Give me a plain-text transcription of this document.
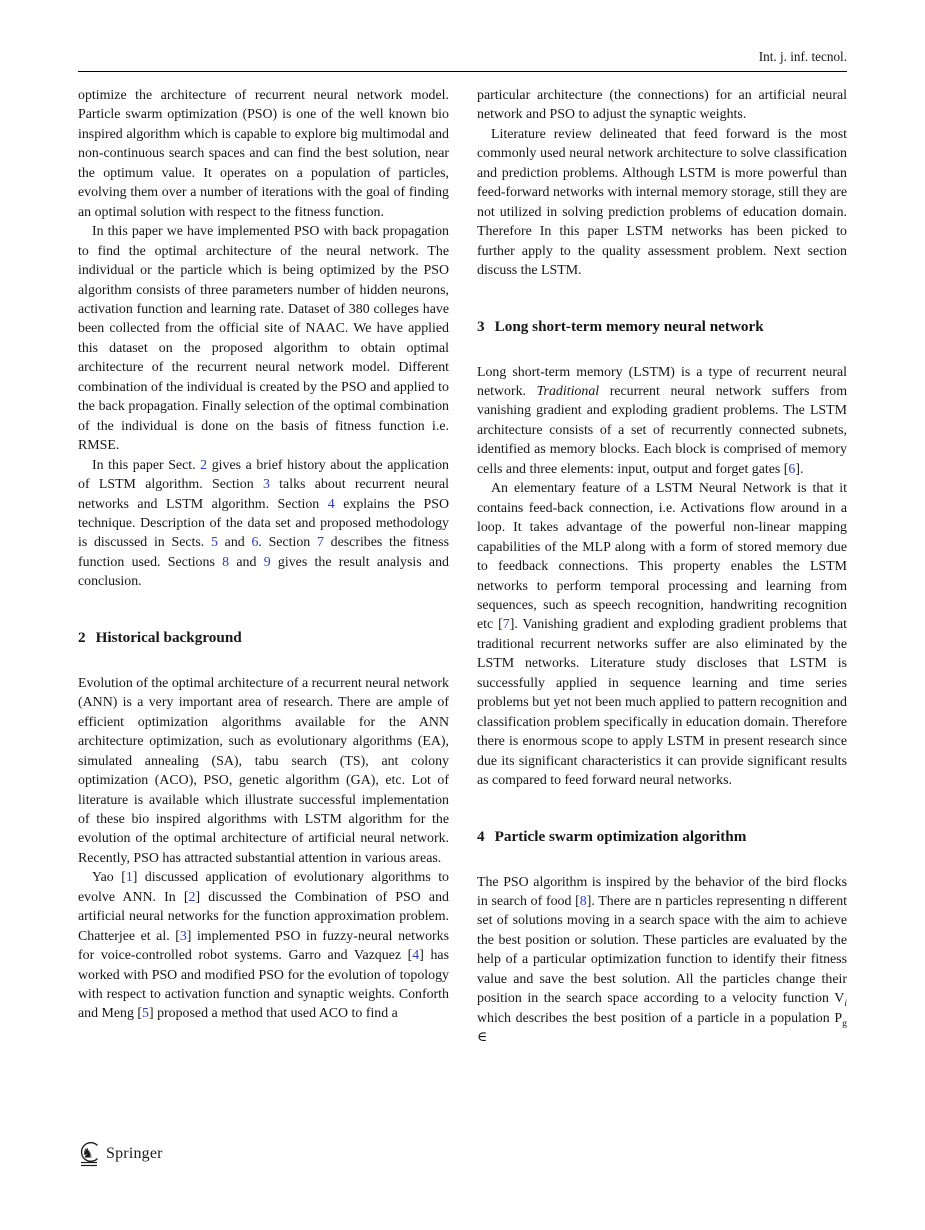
Int. j. inf. tecnol.

optimize the architecture of recurrent neural network model. Particle swarm optimization (PSO) is one of the well known bio inspired algorithm which is capable to explore big multimodal and non-continuous search spaces and can find the best solution, near the optimum value. It operates on a population of particles, evolving them over a number of iterations with the goal of finding an optimal solution with respect to the fitness function.

In this paper we have implemented PSO with back propagation to find the optimal architecture of the neural network. The individual or the particle which is being optimized by the PSO algorithm consists of three parameters number of hidden neurons, activation function and learning rate. Dataset of 380 colleges have been collected from the official site of NAAC. We have applied this dataset on the proposed algorithm to obtain optimal architecture of the recurrent neural network model. Different combination of the individual is created by the PSO and applied to the back propagation. Finally selection of the optimal combination of the individual is done on the basis of fitness function i.e. RMSE.

In this paper Sect. 2 gives a brief history about the application of LSTM algorithm. Section 3 talks about recurrent neural networks and LSTM algorithm. Section 4 explains the PSO technique. Description of the data set and proposed methodology is discussed in Sects. 5 and 6. Section 7 describes the fitness function used. Sections 8 and 9 gives the result analysis and conclusion.

2 Historical background

Evolution of the optimal architecture of a recurrent neural network (ANN) is a very important area of research. There are ample of efficient optimization algorithms available for the ANN architecture optimization, such as evolutionary algorithms (EA), simulated annealing (SA), tabu search (TS), ant colony optimization (ACO), PSO, genetic algorithm (GA), etc. Lot of literature is available which illustrate successful implementation of these bio inspired algorithms with LSTM algorithm for the evolution of the optimal architecture of artificial neural network. Recently, PSO has attracted substantial attention in various areas.

Yao [1] discussed application of evolutionary algorithms to evolve ANN. In [2] discussed the Combination of PSO and artificial neural networks for the function approximation problem. Chatterjee et al. [3] implemented PSO in fuzzy-neural networks for voice-controlled robot systems. Garro and Vazquez [4] has worked with PSO and modified PSO for the evolution of topology with respect to activation function and synaptic weights. Conforth and Meng [5] proposed a method that used ACO to find a

particular architecture (the connections) for an artificial neural network and PSO to adjust the synaptic weights.

Literature review delineated that feed forward is the most commonly used neural network architecture to solve classification and prediction problems. Although LSTM is more powerful than feed-forward networks with internal memory storage, still they are not utilized in solving prediction problems of education domain. Therefore In this paper LSTM networks has been picked to further apply to the quality assessment problem. Next section discuss the LSTM.

3 Long short-term memory neural network

Long short-term memory (LSTM) is a type of recurrent neural network. Traditional recurrent neural network suffers from vanishing gradient and exploding gradient problems. The LSTM architecture consists of a set of recurrently connected subnets, identified as memory blocks. Each block is comprised of memory cells and three elements: input, output and forget gates [6].

An elementary feature of a LSTM Neural Network is that it contains feed-back connection, i.e. Activations flow around in a loop. It takes advantage of the powerful non-linear mapping capabilities of the MLP along with a form of stored memory due to feedback connections. This property enables the LSTM networks to perform temporal processing and learning from sequences, such as speech recognition, handwriting recognition etc [7]. Vanishing gradient and exploding gradient problems that traditional recurrent networks suffer are also eliminated by the LSTM networks. Literature study discloses that LSTM is successfully applied in sequence learning and time series problems but yet not been much applied to pattern recognition and classification problem specifically in education domain. Therefore there is enormous scope to apply LSTM in present research since due its significant characteristics it can provide significant results as compared to feed forward neural networks.

4 Particle swarm optimization algorithm

The PSO algorithm is inspired by the behavior of the bird flocks in search of food [8]. There are n particles representing n different set of solutions moving in a search space with the aim to achieve the best position or solution. These particles are evaluated by the help of a particular optimization function to identify their fitness value and save the best solution. All the particles change their position in the search space according to a velocity function $V_i$ which describes the best position of a particle in a population $P_g$ ∈

♞ Springer
